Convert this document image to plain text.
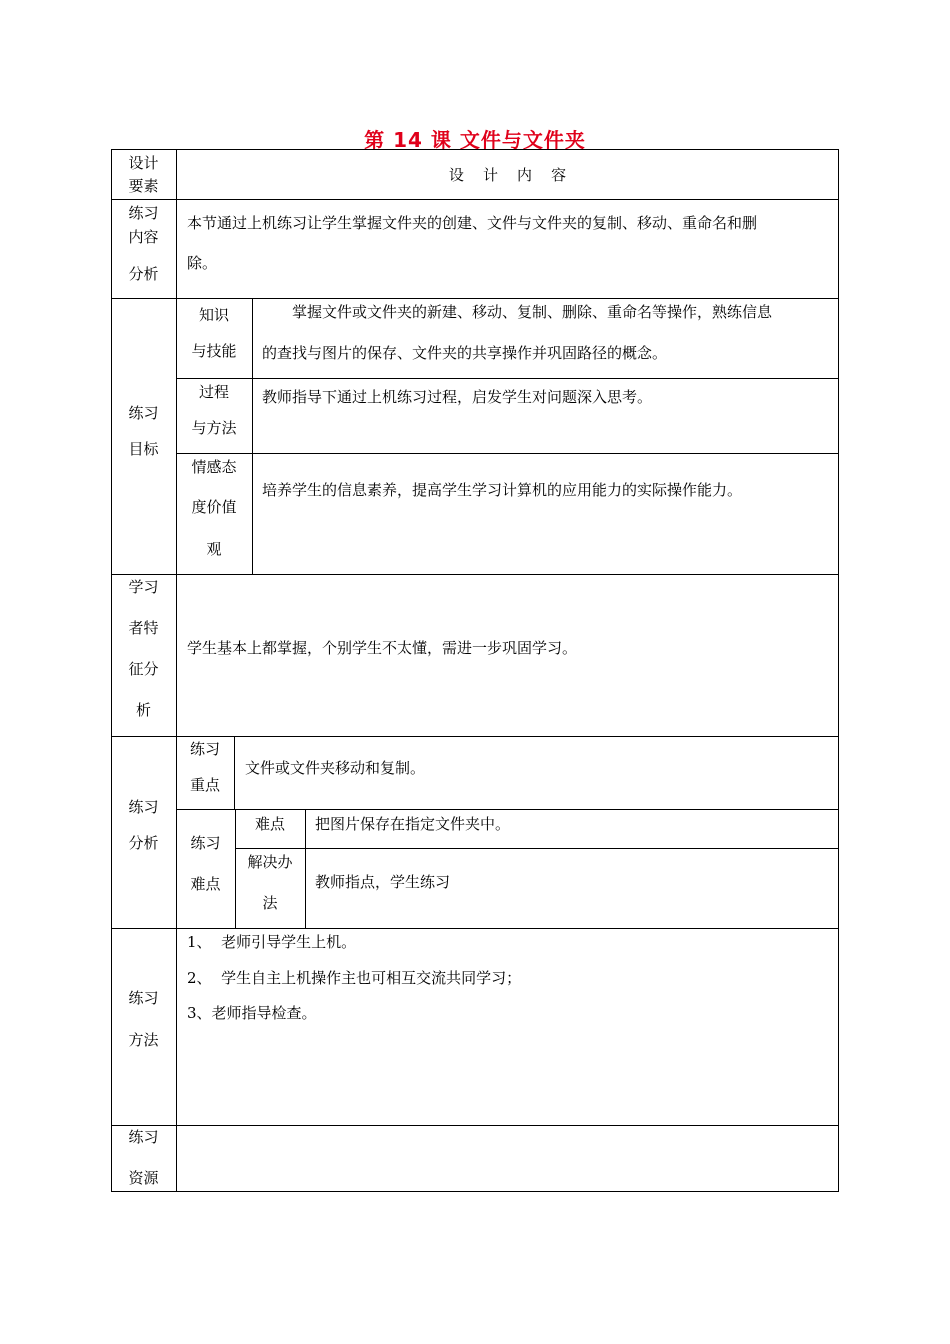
第 14 课 文件与文件夹
设计
要素
设    计    内    容
练习
内容
分析
本节通过上机练习让学生掌握文件夹的创建、文件与文件夹的复制、移动、重命名和删
除。
练习
目标
知识
与技能
掌握文件或文件夹的新建、移动、复制、删除、重命名等操作，熟练信息
的查找与图片的保存、文件夹的共享操作并巩固路径的概念。
过程
与方法
教师指导下通过上机练习过程，启发学生对问题深入思考。
情感态
度价值
观
培养学生的信息素养，提高学生学习计算机的应用能力的实际操作能力。
学习
者特
征分
析
学生基本上都掌握，个别学生不太懂，需进一步巩固学习。
练习
分析
练习
重点
文件或文件夹移动和复制。
练习
难点
难点	把图片保存在指定文件夹中。
解决办
法
教师指点，学生练习
练习
方法
1、  老师引导学生上机。
2、  学生自主上机操作主也可相互交流共同学习；
3、老师指导检查。
练习
资源
